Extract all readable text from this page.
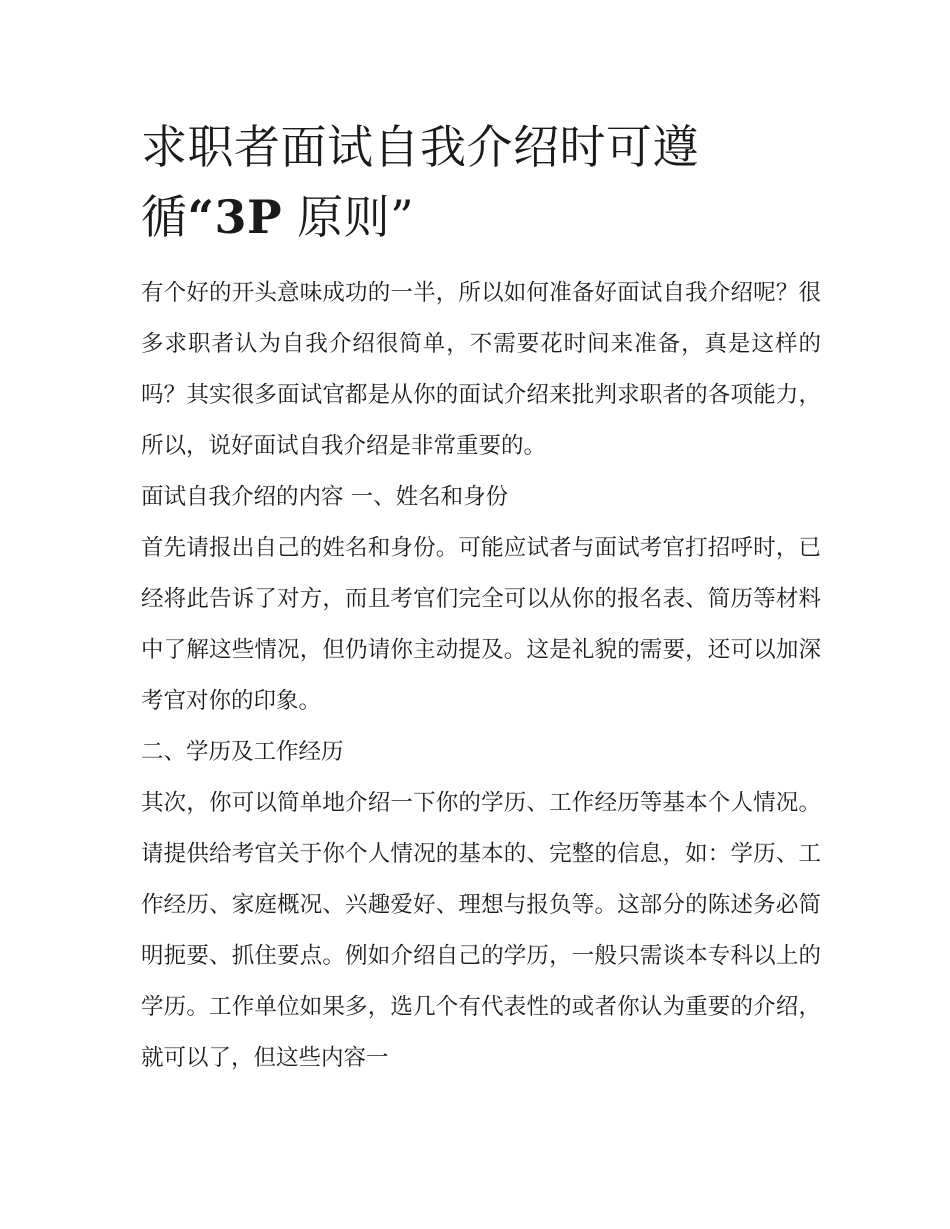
求职者面试自我介绍时可遵循“3P 原则”

有个好的开头意味成功的一半，所以如何准备好面试自我介绍呢？很多求职者认为自我介绍很简单，不需要花时间来准备，真是这样的吗？其实很多面试官都是从你的面试介绍来批判求职者的各项能力，所以，说好面试自我介绍是非常重要的。

面试自我介绍的内容 一、姓名和身份

首先请报出自己的姓名和身份。可能应试者与面试考官打招呼时，已经将此告诉了对方，而且考官们完全可以从你的报名表、简历等材料中了解这些情况，但仍请你主动提及。这是礼貌的需要，还可以加深考官对你的印象。

二、学历及工作经历

其次，你可以简单地介绍一下你的学历、工作经历等基本个人情况。请提供给考官关于你个人情况的基本的、完整的信息，如：学历、工作经历、家庭概况、兴趣爱好、理想与报负等。这部分的陈述务必简明扼要、抓住要点。例如介绍自己的学历，一般只需谈本专科以上的学历。工作单位如果多，选几个有代表性的或者你认为重要的介绍，就可以了，但这些内容一
